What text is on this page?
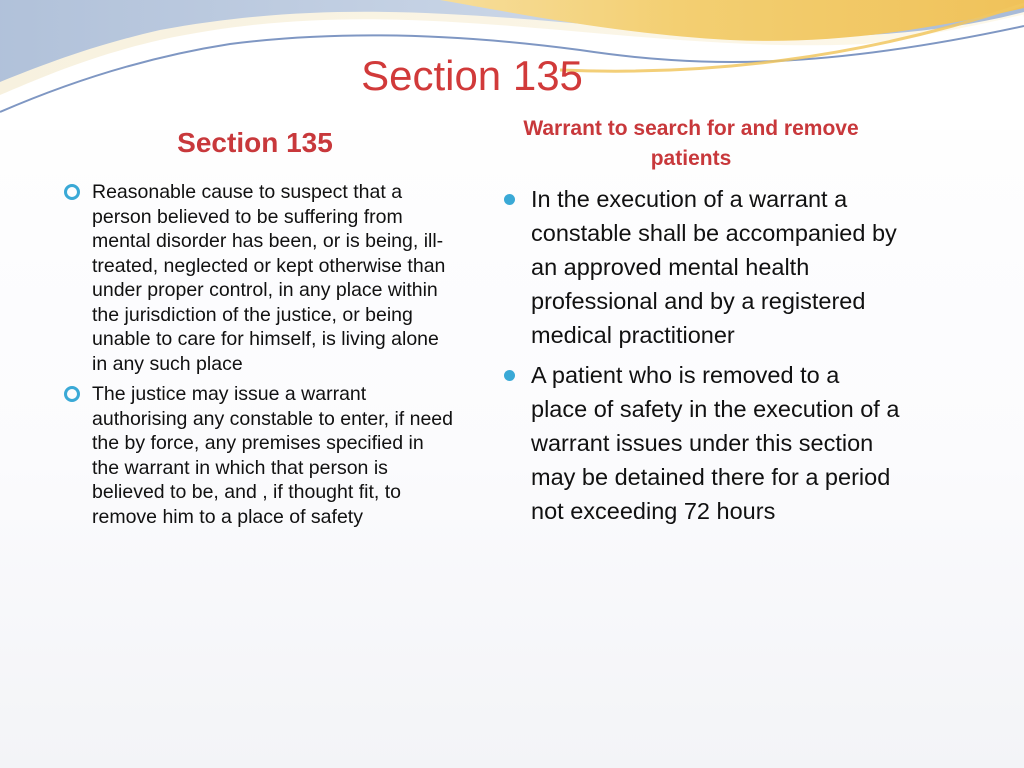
Section 135
Section 135	Warrant to search for and remove patients
Reasonable cause to suspect that a person believed to be suffering from mental disorder has been, or is being, ill-treated, neglected or kept otherwise than under proper control, in any place within the jurisdiction of the justice, or being unable to care for himself, is living alone in any such place
The justice may issue a warrant authorising any constable to enter, if need the by force, any premises specified in the warrant in which that person is believed to be, and , if thought fit, to remove him to a place of safety
In the execution of a warrant a constable shall be accompanied by an approved mental health professional and by a registered medical practitioner
A patient who is removed to a place of safety in the execution of a warrant issues under this section may be detained there for a period not exceeding 72 hours
